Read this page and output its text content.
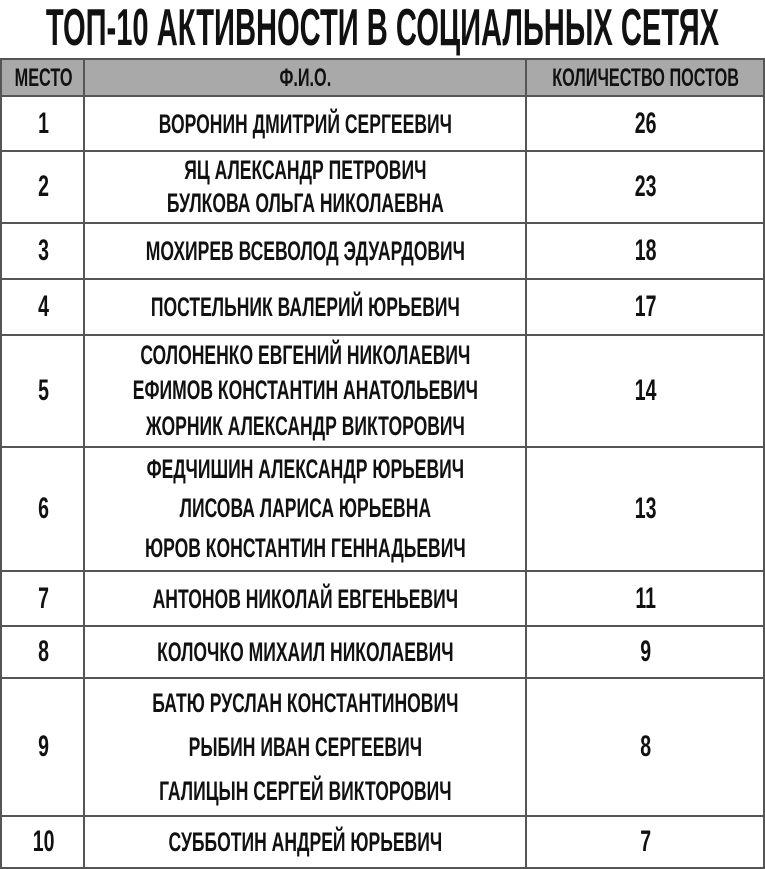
ТОП-10 АКТИВНОСТИ В СОЦИАЛЬНЫХ СЕТЯХ
МЕСТО	Ф.И.О.	КОЛИЧЕСТВО ПОСТОВ

1	ВОРОНИН ДМИТРИЙ СЕРГЕЕВИЧ	26

2	ЯЦ АЛЕКСАНДР ПЕТРОВИЧ
БУЛКОВА ОЛЬГА НИКОЛАЕВНА	23

3	МОХИРЕВ ВСЕВОЛОД ЭДУАРДОВИЧ	18

4	ПОСТЕЛЬНИК ВАЛЕРИЙ ЮРЬЕВИЧ	17

5	СОЛОНЕНКО ЕВГЕНИЙ НИКОЛАЕВИЧ
ЕФИМОВ КОНСТАНТИН АНАТОЛЬЕВИЧ
ЖОРНИК АЛЕКСАНДР ВИКТОРОВИЧ	14

6	ФЕДЧИШИН АЛЕКСАНДР ЮРЬЕВИЧ
ЛИСОВА ЛАРИСА ЮРЬЕВНА
ЮРОВ КОНСТАНТИН ГЕННАДЬЕВИЧ	13

7	АНТОНОВ НИКОЛАЙ ЕВГЕНЬЕВИЧ	11

8	КОЛОЧКО МИХАИЛ НИКОЛАЕВИЧ	9

9	БАТЮ РУСЛАН КОНСТАНТИНОВИЧ
РЫБИН ИВАН СЕРГЕЕВИЧ
ГАЛИЦЫН СЕРГЕЙ ВИКТОРОВИЧ	8

10	СУББОТИН АНДРЕЙ ЮРЬЕВИЧ	7
